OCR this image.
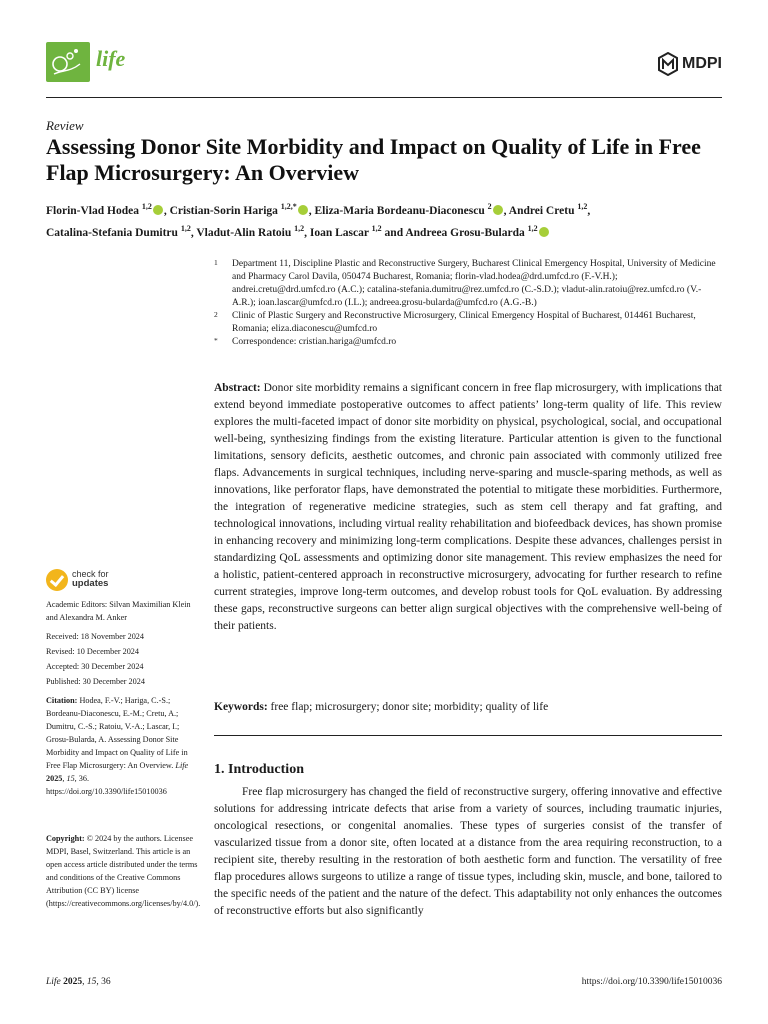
life	MDPI
Review
Assessing Donor Site Morbidity and Impact on Quality of Life in Free Flap Microsurgery: An Overview
Florin-Vlad Hodea $^{1,2}$ , Cristian-Sorin Hariga $^{1,2,*}$ , Eliza-Maria Bordeanu-Diaconescu $^2$ , Andrei Cretu $^{1,2}$,
Catalina-Stefania Dumitru $^{1,2}$, Vladut-Alin Ratoiu $^{1,2}$, Ioan Lascar $^{1,2}$ and Andreea Grosu-Bularda $^{1,2}$
1 Department 11, Discipline Plastic and Reconstructive Surgery, Bucharest Clinical Emergency Hospital, University of Medicine and Pharmacy Carol Davila, 050474 Bucharest, Romania; florin-vlad.hodea@drd.umfcd.ro (F.-V.H.); andrei.cretu@drd.umfcd.ro (A.C.); catalina-stefania.dumitru@rez.umfcd.ro (C.-S.D.); vladut-alin.ratoiu@rez.umfcd.ro (V.-A.R.); ioan.lascar@umfcd.ro (I.L.); andreea.grosu-bularda@umfcd.ro (A.G.-B.)
2 Clinic of Plastic Surgery and Reconstructive Microsurgery, Clinical Emergency Hospital of Bucharest, 014461 Bucharest, Romania; eliza.diaconescu@umfcd.ro
* Correspondence: cristian.hariga@umfcd.ro
Abstract: Donor site morbidity remains a significant concern in free flap microsurgery, with implications that extend beyond immediate postoperative outcomes to affect patients’ long-term quality of life. This review explores the multi-faceted impact of donor site morbidity on physical, psychological, social, and occupational well-being, synthesizing findings from the existing literature. Particular attention is given to the functional limitations, sensory deficits, aesthetic outcomes, and chronic pain associated with commonly utilized free flaps. Advancements in surgical techniques, including nerve-sparing and muscle-sparing methods, as well as innovations, like perforator flaps, have demonstrated the potential to mitigate these morbidities. Furthermore, the integration of regenerative medicine strategies, such as stem cell therapy and fat grafting, and technological innovations, including virtual reality rehabilitation and biofeedback devices, has shown promise in enhancing recovery and minimizing long-term complications. Despite these advances, challenges persist in standardizing QoL assessments and optimizing donor site management. This review emphasizes the need for a holistic, patient-centered approach in reconstructive microsurgery, advocating for further research to refine current strategies, improve long-term outcomes, and develop robust tools for QoL evaluation. By addressing these gaps, reconstructive surgeons can better align surgical objectives with the comprehensive well-being of their patients.
Keywords: free flap; microsurgery; donor site; morbidity; quality of life
check for
updates
Academic Editors: Silvan Maximilian Klein and Alexandra M. Anker
Received: 18 November 2024
Revised: 10 December 2024
Accepted: 30 December 2024
Published: 30 December 2024
Citation: Hodea, F.-V.; Hariga, C.-S.; Bordeanu-Diaconescu, E.-M.; Cretu, A.; Dumitru, C.-S.; Ratoiu, V.-A.; Lascar, I.; Grosu-Bularda, A. Assessing Donor Site Morbidity and Impact on Quality of Life in Free Flap Microsurgery: An Overview. Life 2025, 15, 36. https://doi.org/10.3390/life15010036
Copyright: © 2024 by the authors. Licensee MDPI, Basel, Switzerland. This article is an open access article distributed under the terms and conditions of the Creative Commons Attribution (CC BY) license (https://creativecommons.org/licenses/by/4.0/).
1. Introduction
Free flap microsurgery has changed the field of reconstructive surgery, offering innovative and effective solutions for addressing intricate defects that arise from a variety of sources, including traumatic injuries, oncological resections, or congenital anomalies. These types of surgeries consist of the transfer of vascularized tissue from a donor site, often located at a distance from the area requiring reconstruction, to a recipient site, thereby resulting in the restoration of both aesthetic form and function. The versatility of free flap procedures allows surgeons to utilize a range of tissue types, including skin, muscle, and bone, tailored to the specific needs of the patient and the nature of the defect. This adaptability not only enhances the outcomes of reconstructive efforts but also significantly
Life 2025, 15, 36	https://doi.org/10.3390/life15010036
